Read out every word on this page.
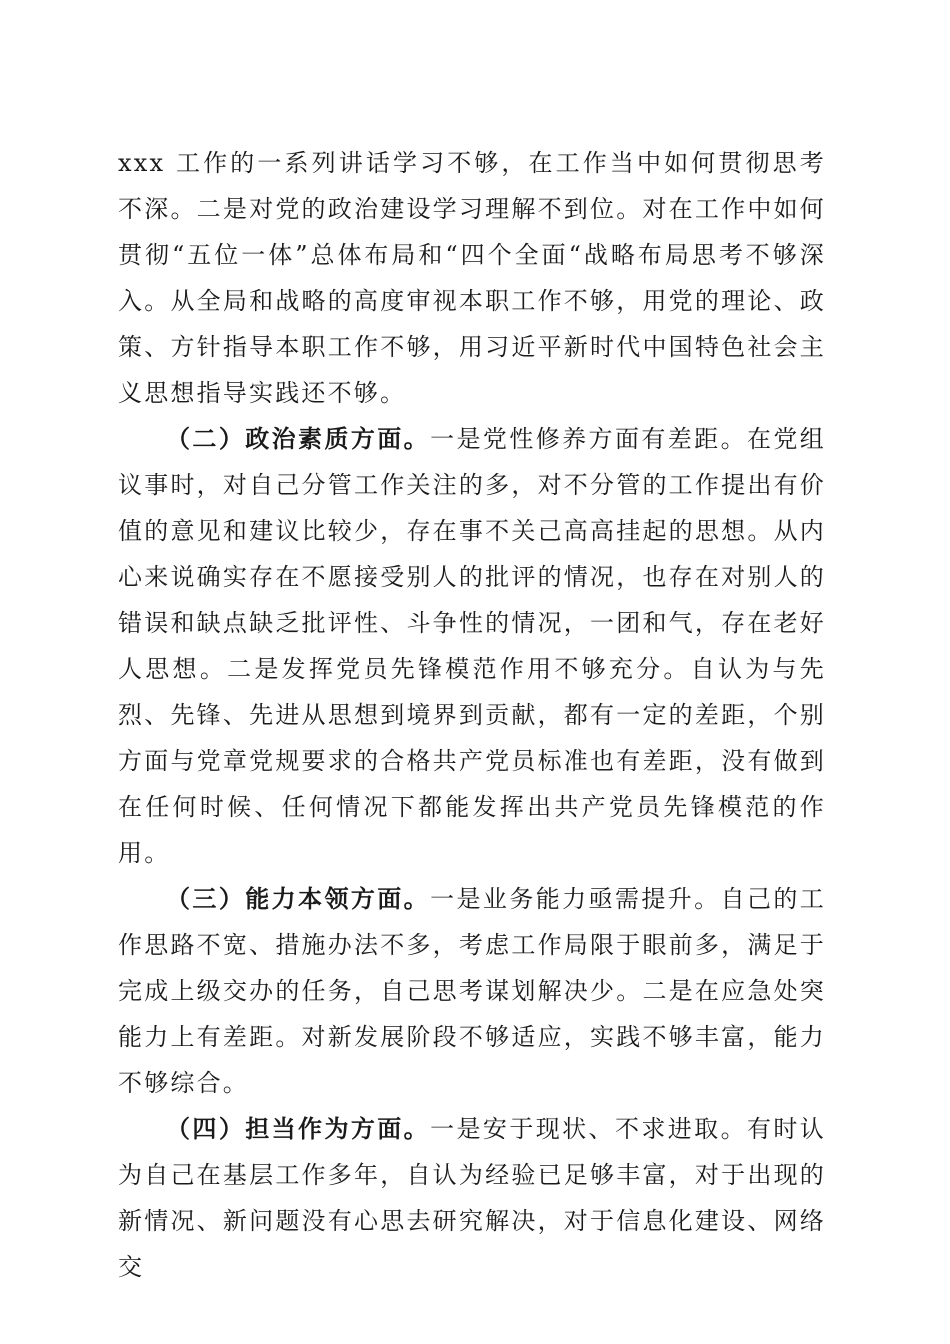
xxx 工作的一系列讲话学习不够，在工作当中如何贯彻思考不深。二是对党的政治建设学习理解不到位。对在工作中如何贯彻“五位一体”总体布局和“四个全面“战略布局思考不够深入。从全局和战略的高度审视本职工作不够，用党的理论、政策、方针指导本职工作不够，用习近平新时代中国特色社会主义思想指导实践还不够。

（二）政治素质方面。一是党性修养方面有差距。在党组议事时，对自己分管工作关注的多，对不分管的工作提出有价值的意见和建议比较少，存在事不关己高高挂起的思想。从内心来说确实存在不愿接受别人的批评的情况，也存在对别人的错误和缺点缺乏批评性、斗争性的情况，一团和气，存在老好人思想。二是发挥党员先锋模范作用不够充分。自认为与先烈、先锋、先进从思想到境界到贡献，都有一定的差距，个别方面与党章党规要求的合格共产党员标准也有差距，没有做到在任何时候、任何情况下都能发挥出共产党员先锋模范的作用。

（三）能力本领方面。一是业务能力亟需提升。自己的工作思路不宽、措施办法不多，考虑工作局限于眼前多，满足于完成上级交办的任务，自己思考谋划解决少。二是在应急处突能力上有差距。对新发展阶段不够适应，实践不够丰富，能力不够综合。

（四）担当作为方面。一是安于现状、不求进取。有时认为自己在基层工作多年，自认为经验已足够丰富，对于出现的新情况、新问题没有心思去研究解决，对于信息化建设、网络交
